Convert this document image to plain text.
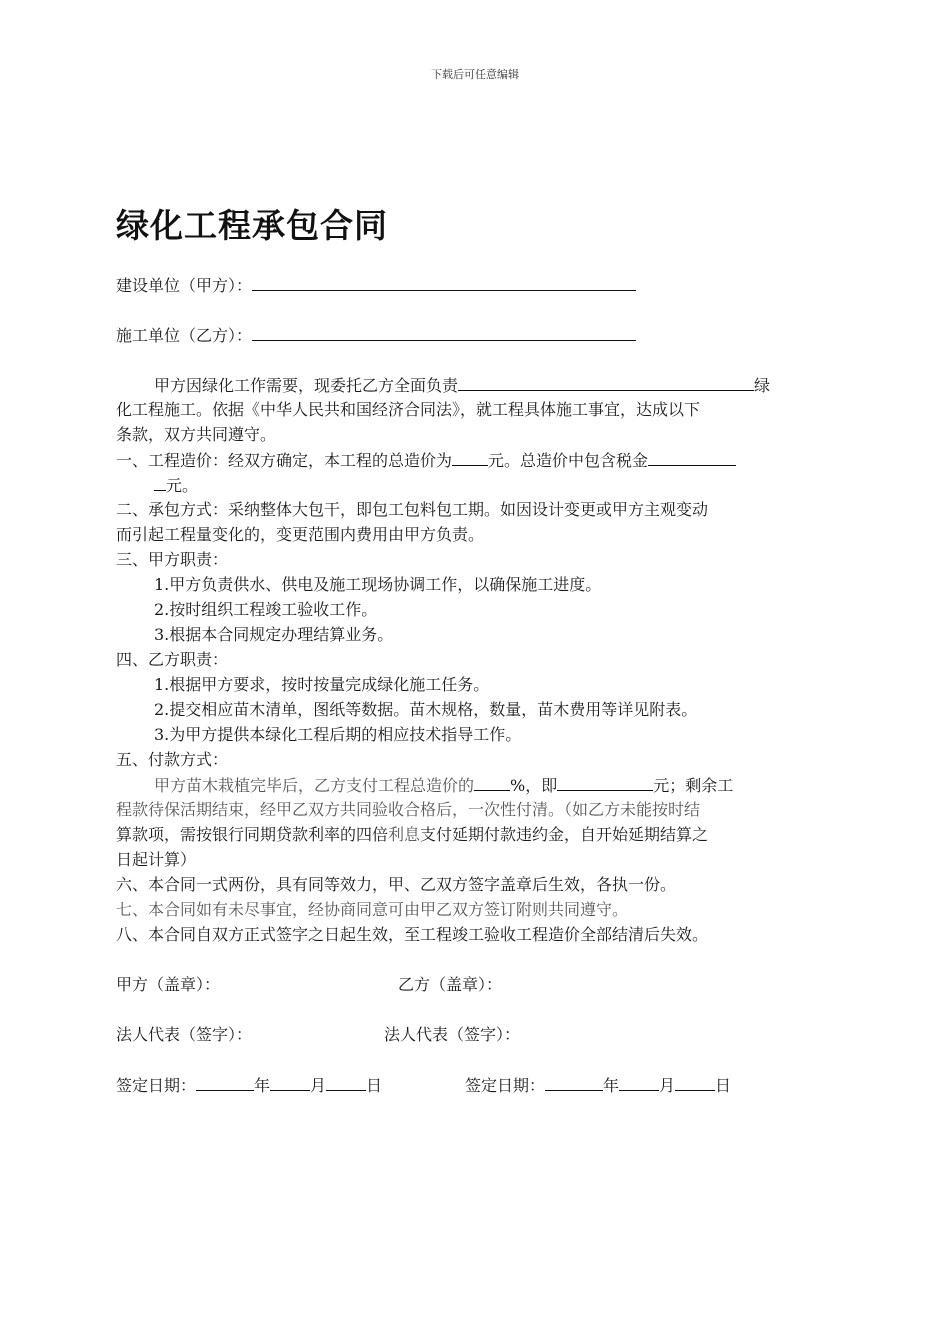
下载后可任意编辑
绿化工程承包合同
建设单位（甲方）：
施工单位（乙方）：
甲方因绿化工作需要，现委托乙方全面负责	绿
化工程施工。依据《中华人民共和国经济合同法》，就工程具体施工事宜，达成以下
条款，双方共同遵守。
一、工程造价：经双方确定，本工程的总造价为 元。总造价中包含税金
元。
二、承包方式：采纳整体大包干，即包工包料包工期。如因设计变更或甲方主观变动
而引起工程量变化的，变更范围内费用由甲方负责。
三、甲方职责：
1.甲方负责供水、供电及施工现场协调工作，以确保施工进度。
2.按时组织工程竣工验收工作。
3.根据本合同规定办理结算业务。
四、乙方职责：
1.根据甲方要求，按时按量完成绿化施工任务。
2.提交相应苗木清单，图纸等数据。苗木规格，数量，苗木费用等详见附表。
3.为甲方提供本绿化工程后期的相应技术指导工作。
五、付款方式：
甲方苗木栽植完毕后，乙方支付工程总造价的 %，即	元；剩余工
程款待保活期结束，经甲乙双方共同验收合格后，一次性付清。（如乙方未能按时结
算款项，需按银行同期贷款利率的四倍利息支付延期付款违约金，自开始延期结算之
日起计算）
六、本合同一式两份，具有同等效力，甲、乙双方签字盖章后生效，各执一份。
七、本合同如有未尽事宜，经协商同意可由甲乙双方签订附则共同遵守。
八、本合同自双方正式签字之日起生效，至工程竣工验收工程造价全部结清后失效。
甲方（盖章）：	乙方（盖章）：
法人代表（签字）：	法人代表（签字）：
签定日期：	年	月	日	签定日期：	年	月	日
